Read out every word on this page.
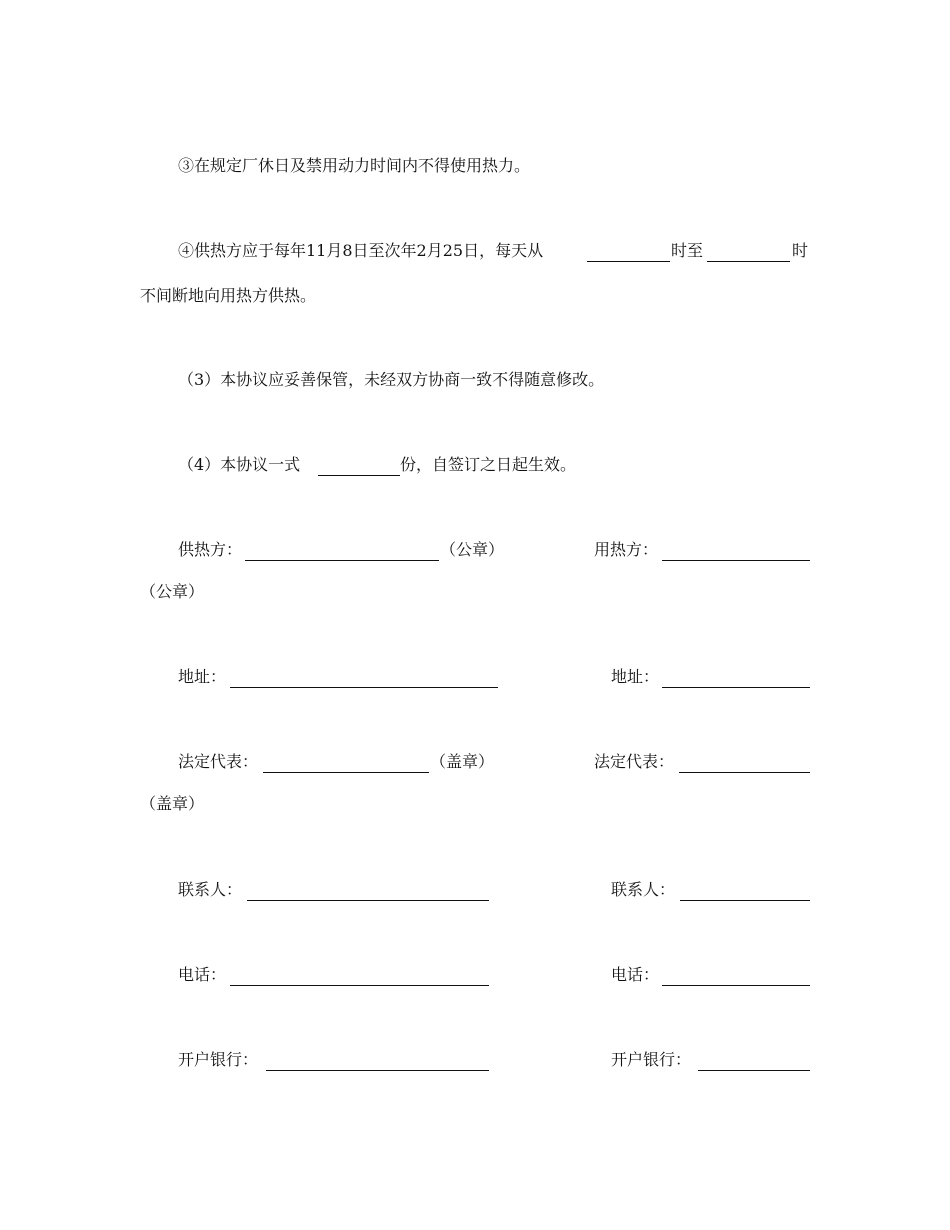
③在规定厂休日及禁用动力时间内不得使用热力。
④供热方应于每年11月8日至次年2月25日，每天从	时至	时
不间断地向用热方供热。
（3）本协议应妥善保管，未经双方协商一致不得随意修改。
（4）本协议一式	份，自签订之日起生效。
供热方：	（公章）	用热方：
（公章）
地址：	地址：
法定代表：	（盖章）	法定代表：
（盖章）
联系人：	联系人：
电话：	电话：
开户银行：	开户银行：
